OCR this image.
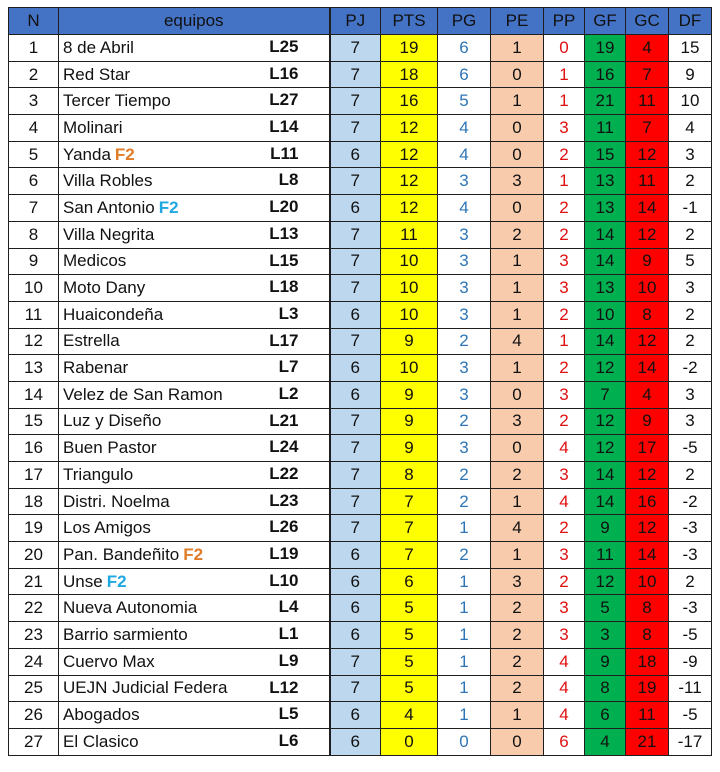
N	equipos	PJ	PTS	PG	PE	PP	GF	GC	DF
1	8 de Abril L25	7	19	6	1	0	19	4	15
2	Red Star L16	7	18	6	0	1	16	7	9
3	Tercer Tiempo L27	7	16	5	1	1	21	11	10
4	Molinari L14	7	12	4	0	3	11	7	4
5	Yanda F2 L11	6	12	4	0	2	15	12	3
6	Villa Robles L8	7	12	3	3	1	13	11	2
7	San Antonio F2 L20	6	12	4	0	2	13	14	-1
8	Villa Negrita L13	7	11	3	2	2	14	12	2
9	Medicos L15	7	10	3	1	3	14	9	5
10	Moto Dany L18	7	10	3	1	3	13	10	3
11	Huaicondeña L3	6	10	3	1	2	10	8	2
12	Estrella L17	7	9	2	4	1	14	12	2
13	Rabenar L7	6	10	3	1	2	12	14	-2
14	Velez de San Ramon L2	6	9	3	0	3	7	4	3
15	Luz y Diseño L21	7	9	2	3	2	12	9	3
16	Buen Pastor L24	7	9	3	0	4	12	17	-5
17	Triangulo L22	7	8	2	2	3	14	12	2
18	Distri. Noelma L23	7	7	2	1	4	14	16	-2
19	Los Amigos L26	7	7	1	4	2	9	12	-3
20	Pan. Bandeñito F2 L19	6	7	2	1	3	11	14	-3
21	Unse F2 L10	6	6	1	3	2	12	10	2
22	Nueva Autonomia L4	6	5	1	2	3	5	8	-3
23	Barrio sarmiento L1	6	5	1	2	3	3	8	-5
24	Cuervo Max L9	7	5	1	2	4	9	18	-9
25	UEJN Judicial Federa L12	7	5	1	2	4	8	19	-11
26	Abogados L5	6	4	1	1	4	6	11	-5
27	El Clasico L6	6	0	0	0	6	4	21	-17
